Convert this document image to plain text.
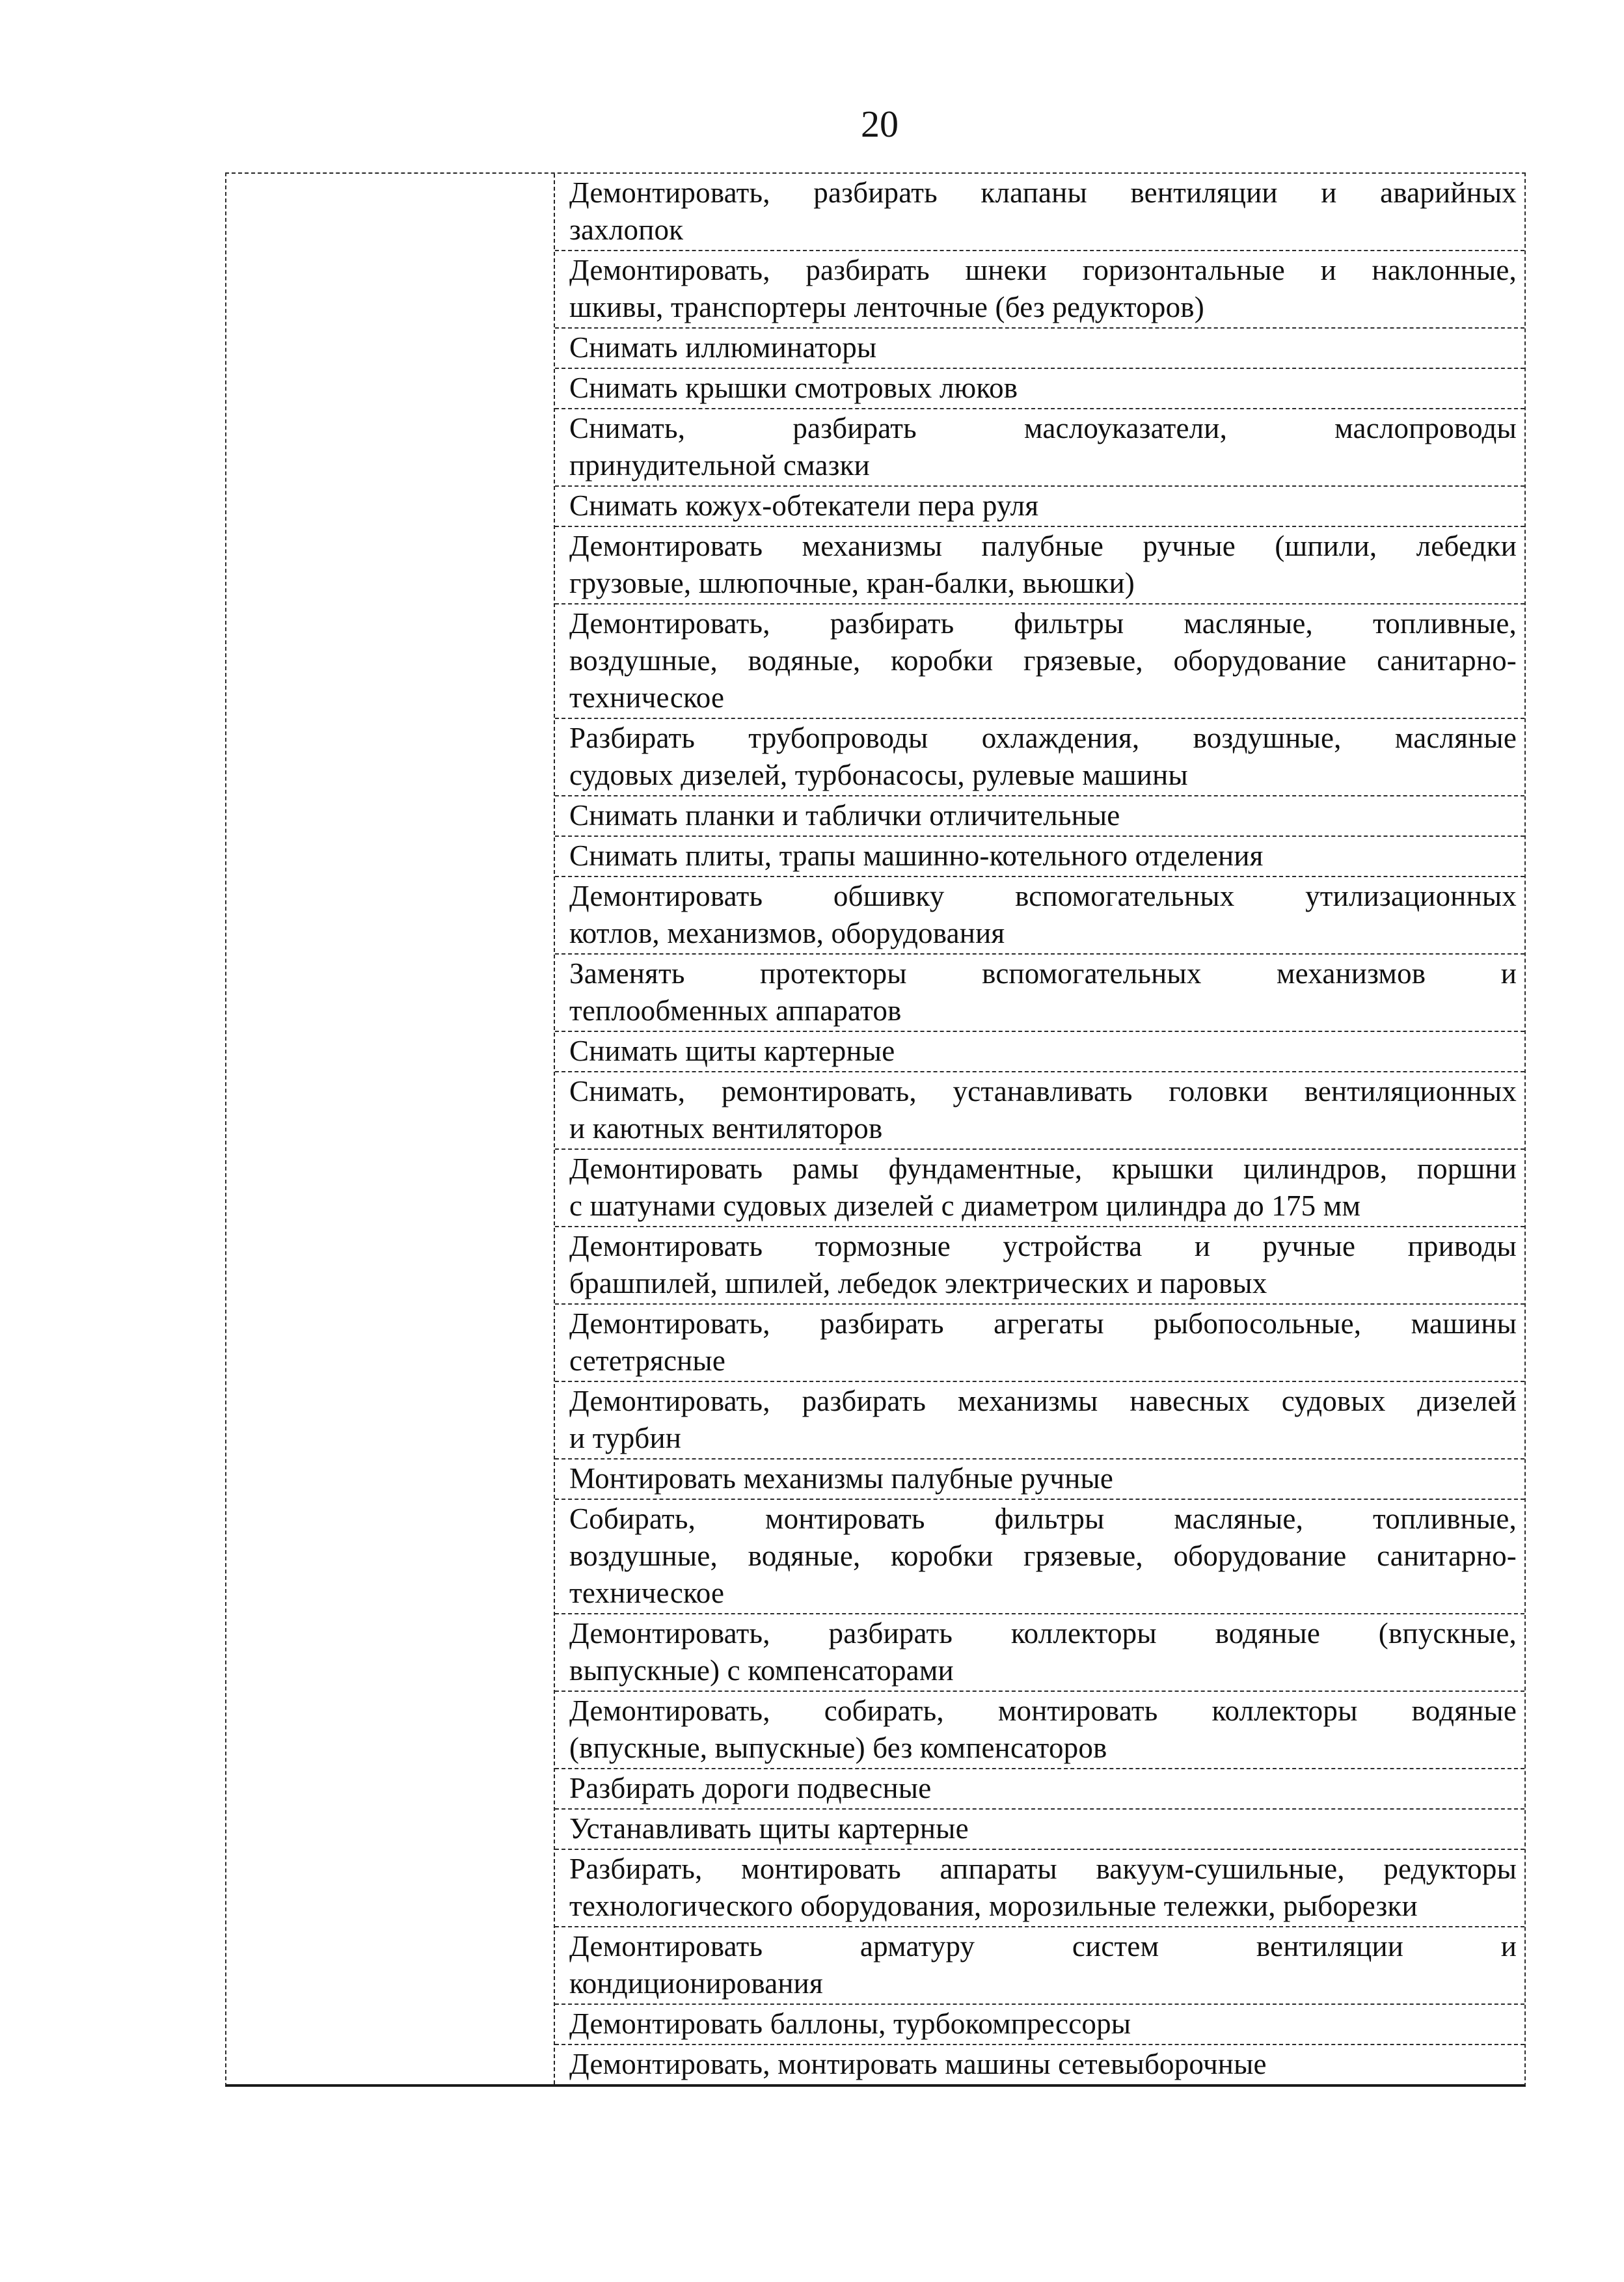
20
Демонтировать, разбирать клапаны вентиляции и аварийных
захлопок
Демонтировать, разбирать шнеки горизонтальные и наклонные,
шкивы, транспортеры ленточные (без редукторов)
Снимать иллюминаторы
Снимать крышки смотровых люков
Снимать, разбирать маслоуказатели, маслопроводы
принудительной смазки
Снимать кожух-обтекатели пера руля
Демонтировать механизмы палубные ручные (шпили, лебедки
грузовые, шлюпочные, кран-балки, вьюшки)
Демонтировать, разбирать фильтры масляные, топливные,
воздушные, водяные, коробки грязевые, оборудование санитарно-
техническое
Разбирать трубопроводы охлаждения, воздушные, масляные
судовых дизелей, турбонасосы, рулевые машины
Снимать планки и таблички отличительные
Снимать плиты, трапы машинно-котельного отделения
Демонтировать обшивку вспомогательных утилизационных
котлов, механизмов, оборудования
Заменять протекторы вспомогательных механизмов и
теплообменных аппаратов
Снимать щиты картерные
Снимать, ремонтировать, устанавливать головки вентиляционных
и каютных вентиляторов
Демонтировать рамы фундаментные, крышки цилиндров, поршни
с шатунами судовых дизелей с диаметром цилиндра до 175 мм
Демонтировать тормозные устройства и ручные приводы
брашпилей, шпилей, лебедок электрических и паровых
Демонтировать, разбирать агрегаты рыбопосольные, машины
сететрясные
Демонтировать, разбирать механизмы навесных судовых дизелей
и турбин
Монтировать механизмы палубные ручные
Собирать, монтировать фильтры масляные, топливные,
воздушные, водяные, коробки грязевые, оборудование санитарно-
техническое
Демонтировать, разбирать коллекторы водяные (впускные,
выпускные) с компенсаторами
Демонтировать, собирать, монтировать коллекторы водяные
(впускные, выпускные) без компенсаторов
Разбирать дороги подвесные
Устанавливать щиты картерные
Разбирать, монтировать аппараты вакуум-сушильные, редукторы
технологического оборудования, морозильные тележки, рыборезки
Демонтировать арматуру систем вентиляции и
кондиционирования
Демонтировать баллоны, турбокомпрессоры
Демонтировать, монтировать машины сетевыборочные
